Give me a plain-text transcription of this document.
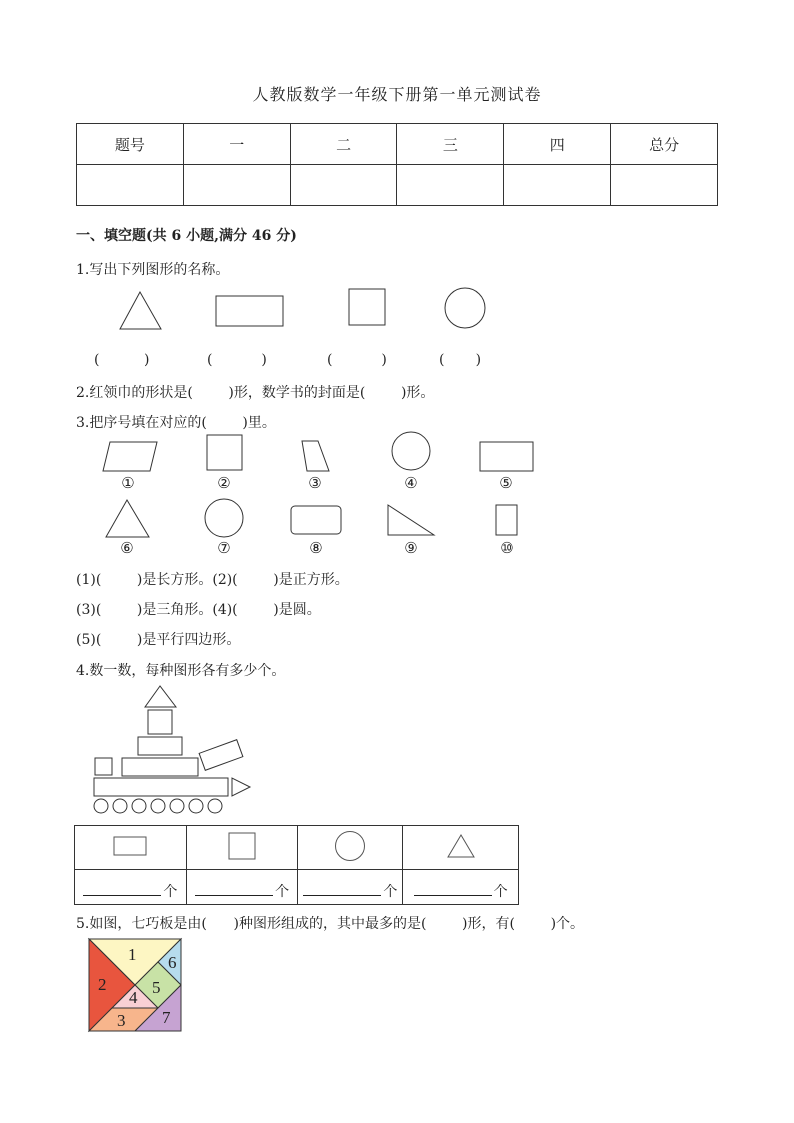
人教版数学一年级下册第一单元测试卷
题号	一	二	三	四	总分

一、填空题(共 6 小题,满分 46 分)
1.写出下列图形的名称。
(          )	(           )	(           )	(       )
2.红领巾的形状是(        )形，数学书的封面是(        )形。
3.把序号填在对应的(        )里。
①	②	③	④	⑤
⑥	⑦	⑧	⑨	⑩
(1)(        )是长方形。(2)(        )是正方形。
(3)(        )是三角形。(4)(        )是圆。
(5)(        )是平行四边形。
4.数一数，每种图形各有多少个。

个	个	个	个
5.如图，七巧板是由(      )种图形组成的，其中最多的是(        )形，有(        )个。
1
2
3
4
5
6
7
